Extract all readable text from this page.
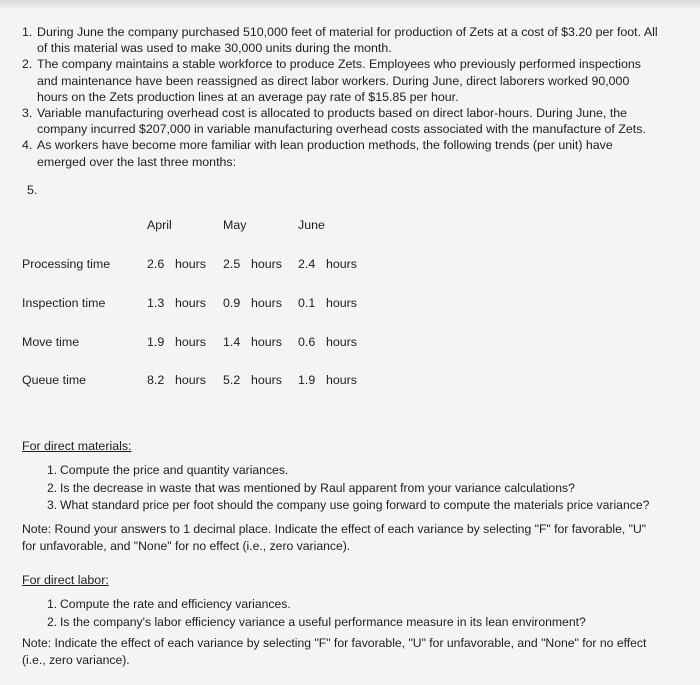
1. During June the company purchased 510,000 feet of material for production of Zets at a cost of $3.20 per foot. All of this material was used to make 30,000 units during the month.
2. The company maintains a stable workforce to produce Zets. Employees who previously performed inspections and maintenance have been reassigned as direct labor workers. During June, direct laborers worked 90,000 hours on the Zets production lines at an average pay rate of $15.85 per hour.
3. Variable manufacturing overhead cost is allocated to products based on direct labor-hours. During June, the company incurred $207,000 in variable manufacturing overhead costs associated with the manufacture of Zets.
4. As workers have become more familiar with lean production methods, the following trends (per unit) have emerged over the last three months:
5.
April	May	June
Processing time	2.6 hours 2.5 hours 2.4 hours
Inspection time	1.3 hours 0.9 hours 0.1 hours
Move time	1.9 hours 1.4 hours 0.6 hours
Queue time	8.2 hours 5.2 hours 1.9 hours
For direct materials:
1. Compute the price and quantity variances.
2. Is the decrease in waste that was mentioned by Raul apparent from your variance calculations?
3. What standard price per foot should the company use going forward to compute the materials price variance?
Note: Round your answers to 1 decimal place. Indicate the effect of each variance by selecting "F" for favorable, "U" for unfavorable, and "None" for no effect (i.e., zero variance).
For direct labor:
1. Compute the rate and efficiency variances.
2. Is the company's labor efficiency variance a useful performance measure in its lean environment?
Note: Indicate the effect of each variance by selecting "F" for favorable, "U" for unfavorable, and "None" for no effect (i.e., zero variance).
